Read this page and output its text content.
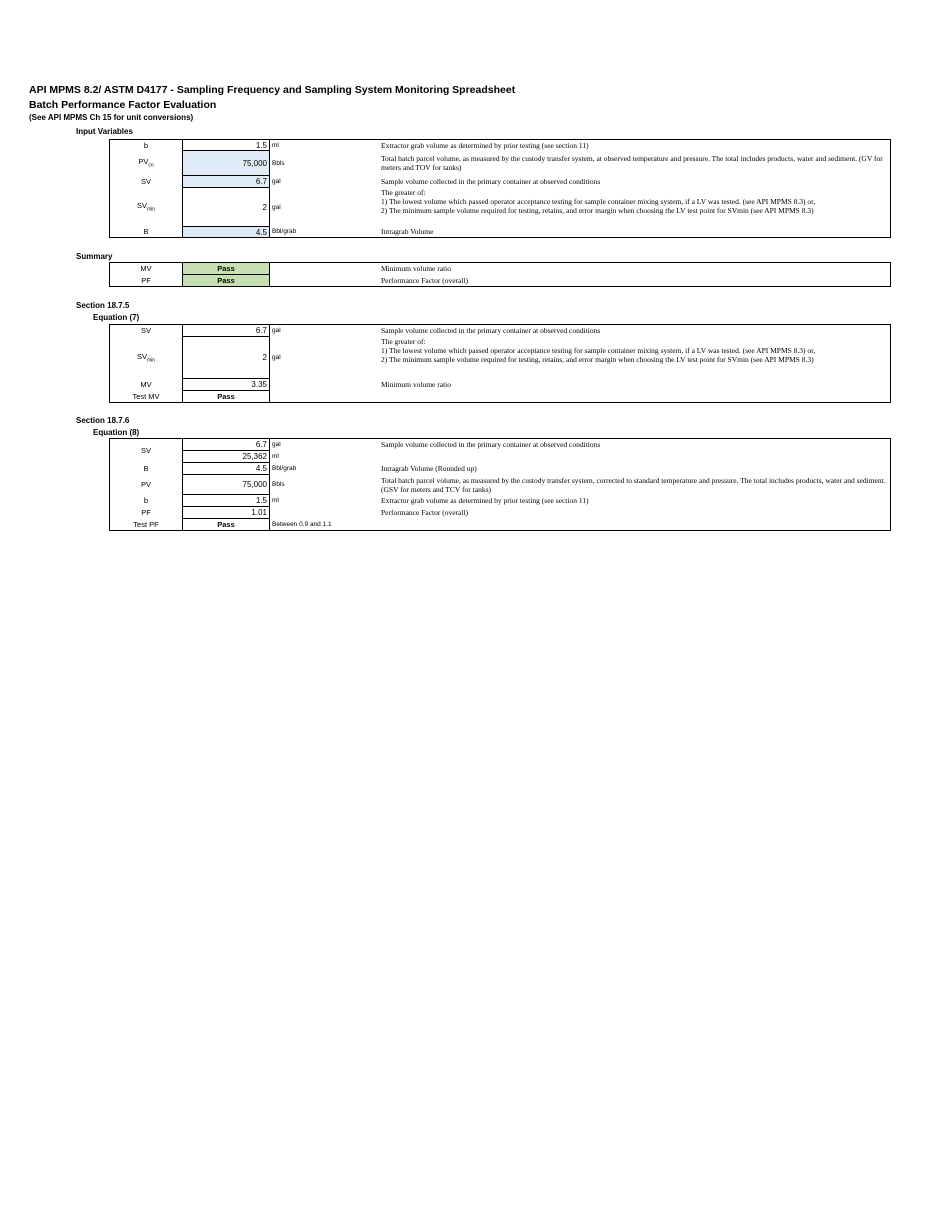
API MPMS 8.2/ ASTM D4177 - Sampling Frequency and Sampling System Monitoring Spreadsheet
Batch Performance Factor Evaluation
(See API MPMS Ch 15 for unit conversions)
Input Variables
b	1.5	ml	Extractor grab volume as determined by prior testing (see section 11)
$PV_{co}$	75,000	Bbls	Total batch parcel volume, as measured by the custody transfer system, at observed temperature and pressure. The total includes products, water and sediment. (GV for meters and TOV for tanks)
SV	6.7	gal	Sample volume collected in the primary container at observed conditions
$SV_{min}$	2	gal	The greater of:
1) The lowest volume which passed operator acceptance testing for sample container mixing system, if a LV was tested. (see API MPMS 8.3) or,
2) The minimum sample volume required for testing, retains, and error margin when choosing the LV test point for SVmin (see API MPMS 8.3)

B	4.5	Bbl/grab	Intragrab Volume
Summary
MV	Pass		Minimum volume ratio
PF	Pass		Performance Factor (overall)
Section 18.7.5
Equation (7)
SV	6.7	gal	Sample volume collected in the primary container at observed conditions
$SV_{min}$	2	gal	The greater of:
1) The lowest volume which passed operator acceptance testing for sample container mixing system, if a LV was tested. (see API MPMS 8.3) or,
2) The minimum sample volume required for testing, retains, and error margin when choosing the LV test point for SVmin (see API MPMS 8.3)

MV	3.35		Minimum volume ratio
Test MV	Pass		
Section 18.7.6
Equation (8)
SV	6.7	gal	Sample volume collected in the primary container at observed conditions
	25,362	ml	
B	4.5	Bbl/grab	Intragrab Volume (Rounded up)
PV	75,000	Bbls	Total batch parcel volume, as measured by the custody transfer system, corrected to standard temperature and pressure. The total includes products, water and sediment. (GSV for meters and TCV for tanks)
b	1.5	ml	Extractor grab volume as determined by prior testing (see section 11)
PF	1.01		Performance Factor (overall)
Test PF	Pass	Between 0.9 and 1.1	
